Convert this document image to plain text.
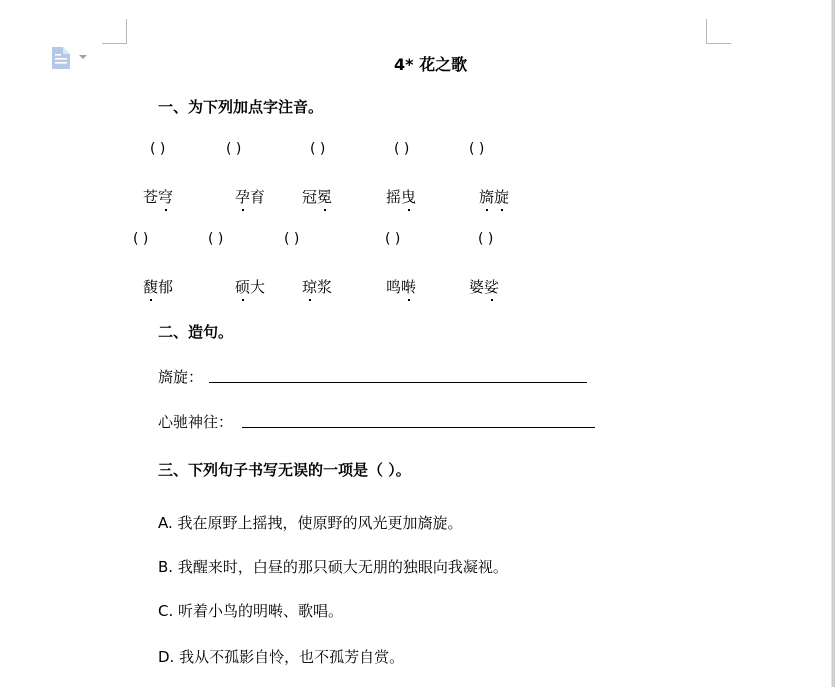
4* 花之歌
一、为下列加点字注音。
( )	( )	( )	( )	( )
苍穹	孕育 冠冕	摇曳	旖旋
( )	( )	( )	( )	( )
馥郁	硕大 琼浆	鸣啭	婆娑
二、造句。
旖旋：
心驰神往：
三、下列句子书写无误的一项是（ ）。
A. 我在原野上摇拽，使原野的风光更加旖旋。
B. 我醒来时，白昼的那只硕大无朋的独眼向我凝视。
C. 听着小鸟的明啭、歌唱。
D. 我从不孤影自怜，也不孤芳自赏。
